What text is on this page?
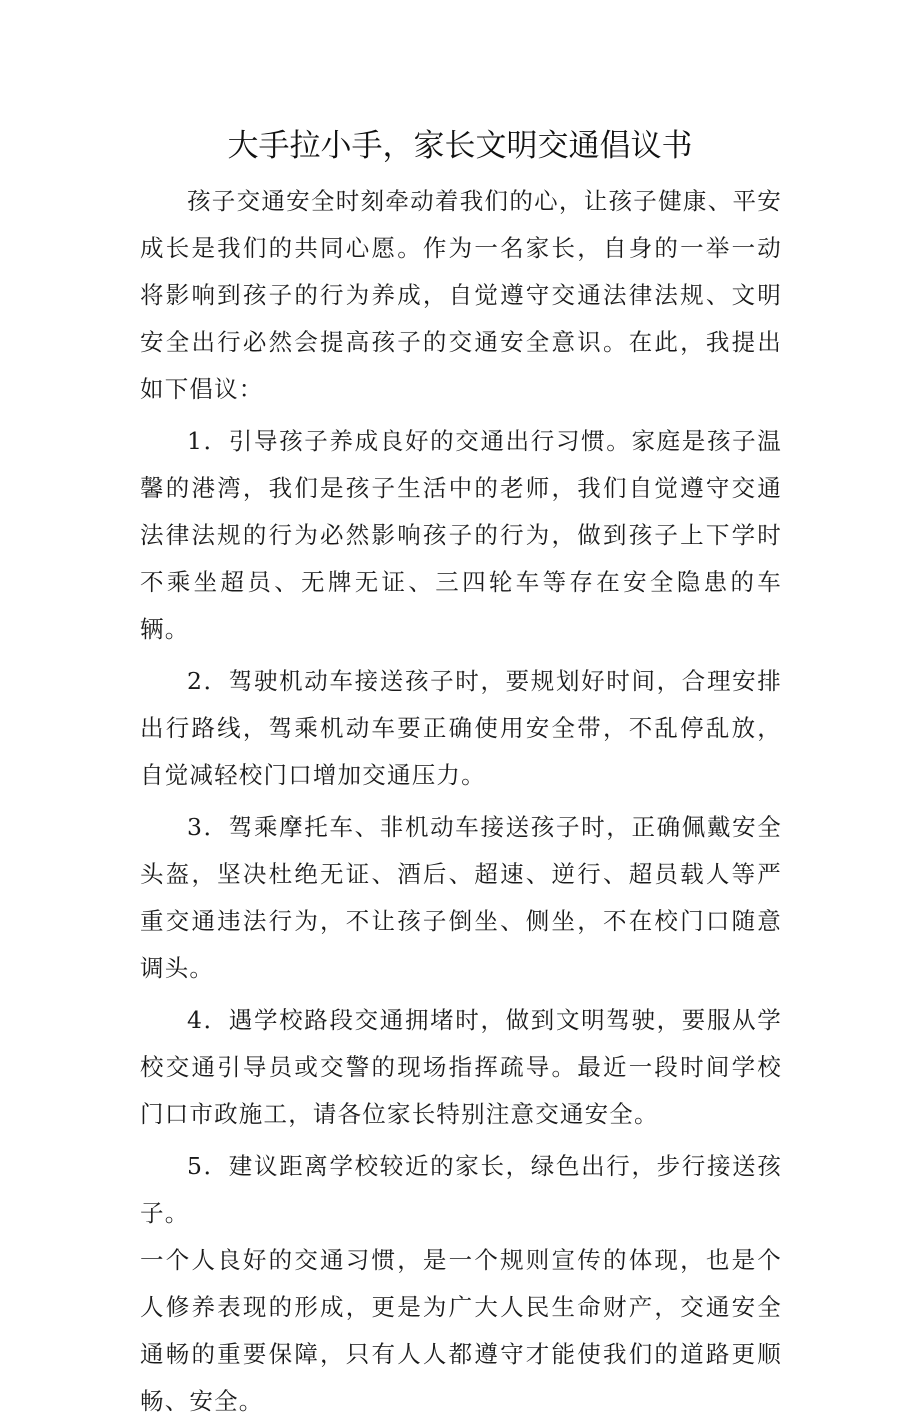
大手拉小手，家长文明交通倡议书

孩子交通安全时刻牵动着我们的心，让孩子健康、平安成长是我们的共同心愿。作为一名家长，自身的一举一动将影响到孩子的行为养成，自觉遵守交通法律法规、文明安全出行必然会提高孩子的交通安全意识。在此，我提出如下倡议：

1．引导孩子养成良好的交通出行习惯。家庭是孩子温馨的港湾，我们是孩子生活中的老师，我们自觉遵守交通法律法规的行为必然影响孩子的行为，做到孩子上下学时不乘坐超员、无牌无证、三四轮车等存在安全隐患的车辆。

2．驾驶机动车接送孩子时，要规划好时间，合理安排出行路线，驾乘机动车要正确使用安全带，不乱停乱放，自觉减轻校门口增加交通压力。

3．驾乘摩托车、非机动车接送孩子时，正确佩戴安全头盔，坚决杜绝无证、酒后、超速、逆行、超员载人等严重交通违法行为，不让孩子倒坐、侧坐，不在校门口随意调头。

4．遇学校路段交通拥堵时，做到文明驾驶，要服从学校交通引导员或交警的现场指挥疏导。最近一段时间学校门口市政施工，请各位家长特别注意交通安全。

5．建议距离学校较近的家长，绿色出行，步行接送孩子。

一个人良好的交通习惯，是一个规则宣传的体现，也是个人修养表现的形成，更是为广大人民生命财产，交通安全通畅的重要保障，只有人人都遵守才能使我们的道路更顺畅、安全。
